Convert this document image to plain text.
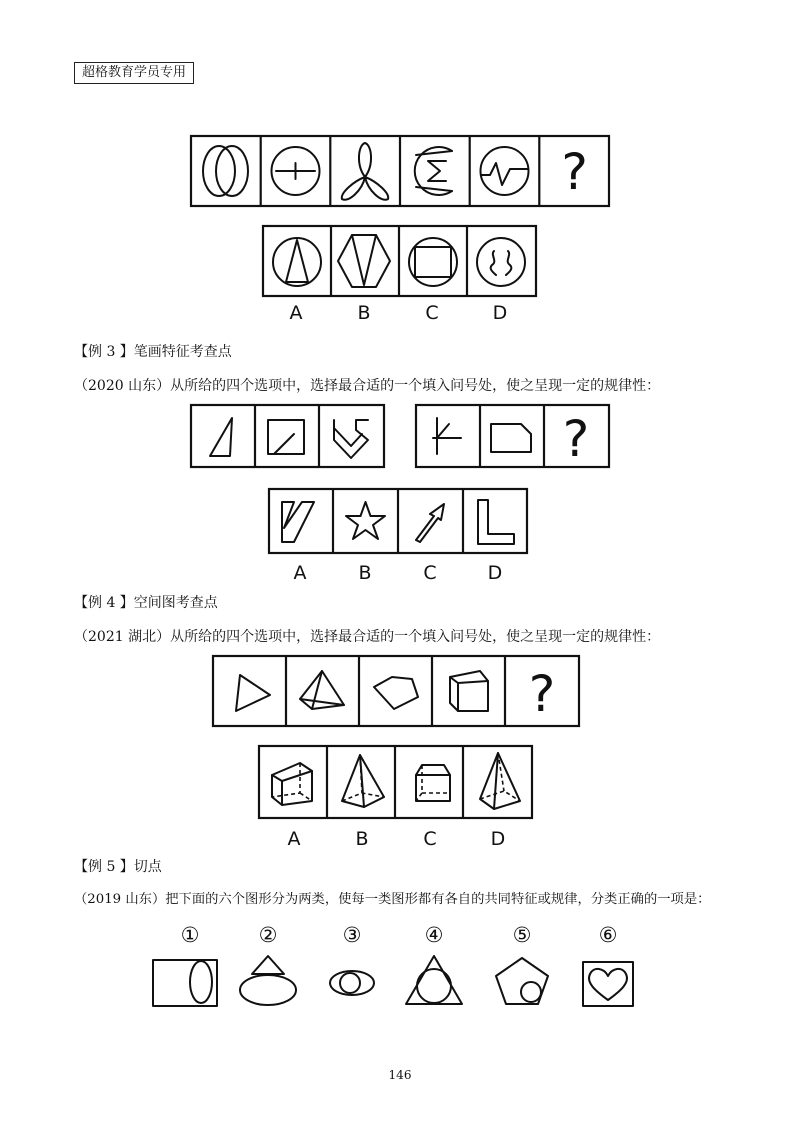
超格教育学员专用
?
A	B	C	D
【例 3 】笔画特征考查点
（2020 山东）从所给的四个选项中，选择最合适的一个填入问号处，使之呈现一定的规律性：
?
A	B	C	D
【例 4 】空间图考查点
（2021 湖北）从所给的四个选项中，选择最合适的一个填入问号处，使之呈现一定的规律性：
?
A	B	C	D
【例 5 】切点
（2019 山东）把下面的六个图形分为两类，使每一类图形都有各自的共同特征或规律，分类正确的一项是：
①	②	③	④	⑤	⑥
146
